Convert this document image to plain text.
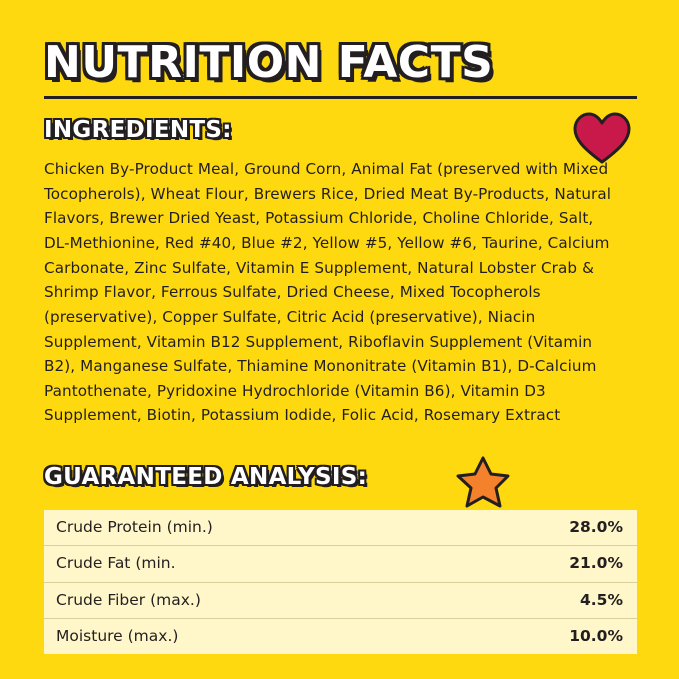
NUTRITION FACTS
INGREDIENTS:

Chicken By-Product Meal, Ground Corn, Animal Fat (preserved with Mixed Tocopherols), Wheat Flour, Brewers Rice, Dried Meat By-Products, Natural Flavors, Brewer Dried Yeast, Potassium Chloride, Choline Chloride, Salt, DL-Methionine, Red #40, Blue #2, Yellow #5, Yellow #6, Taurine, Calcium Carbonate, Zinc Sulfate, Vitamin E Supplement, Natural Lobster Crab & Shrimp Flavor, Ferrous Sulfate, Dried Cheese, Mixed Tocopherols (preservative), Copper Sulfate, Citric Acid (preservative), Niacin Supplement, Vitamin B12 Supplement, Riboflavin Supplement (Vitamin B2), Manganese Sulfate, Thiamine Mononitrate (Vitamin B1), D-Calcium Pantothenate, Pyridoxine Hydrochloride (Vitamin B6), Vitamin D3 Supplement, Biotin, Potassium Iodide, Folic Acid, Rosemary Extract

GUARANTEED ANALYSIS:
Crude Protein (min.)	28.0%
Crude Fat (min.	21.0%
Crude Fiber (max.)	4.5%
Moisture (max.)	10.0%
